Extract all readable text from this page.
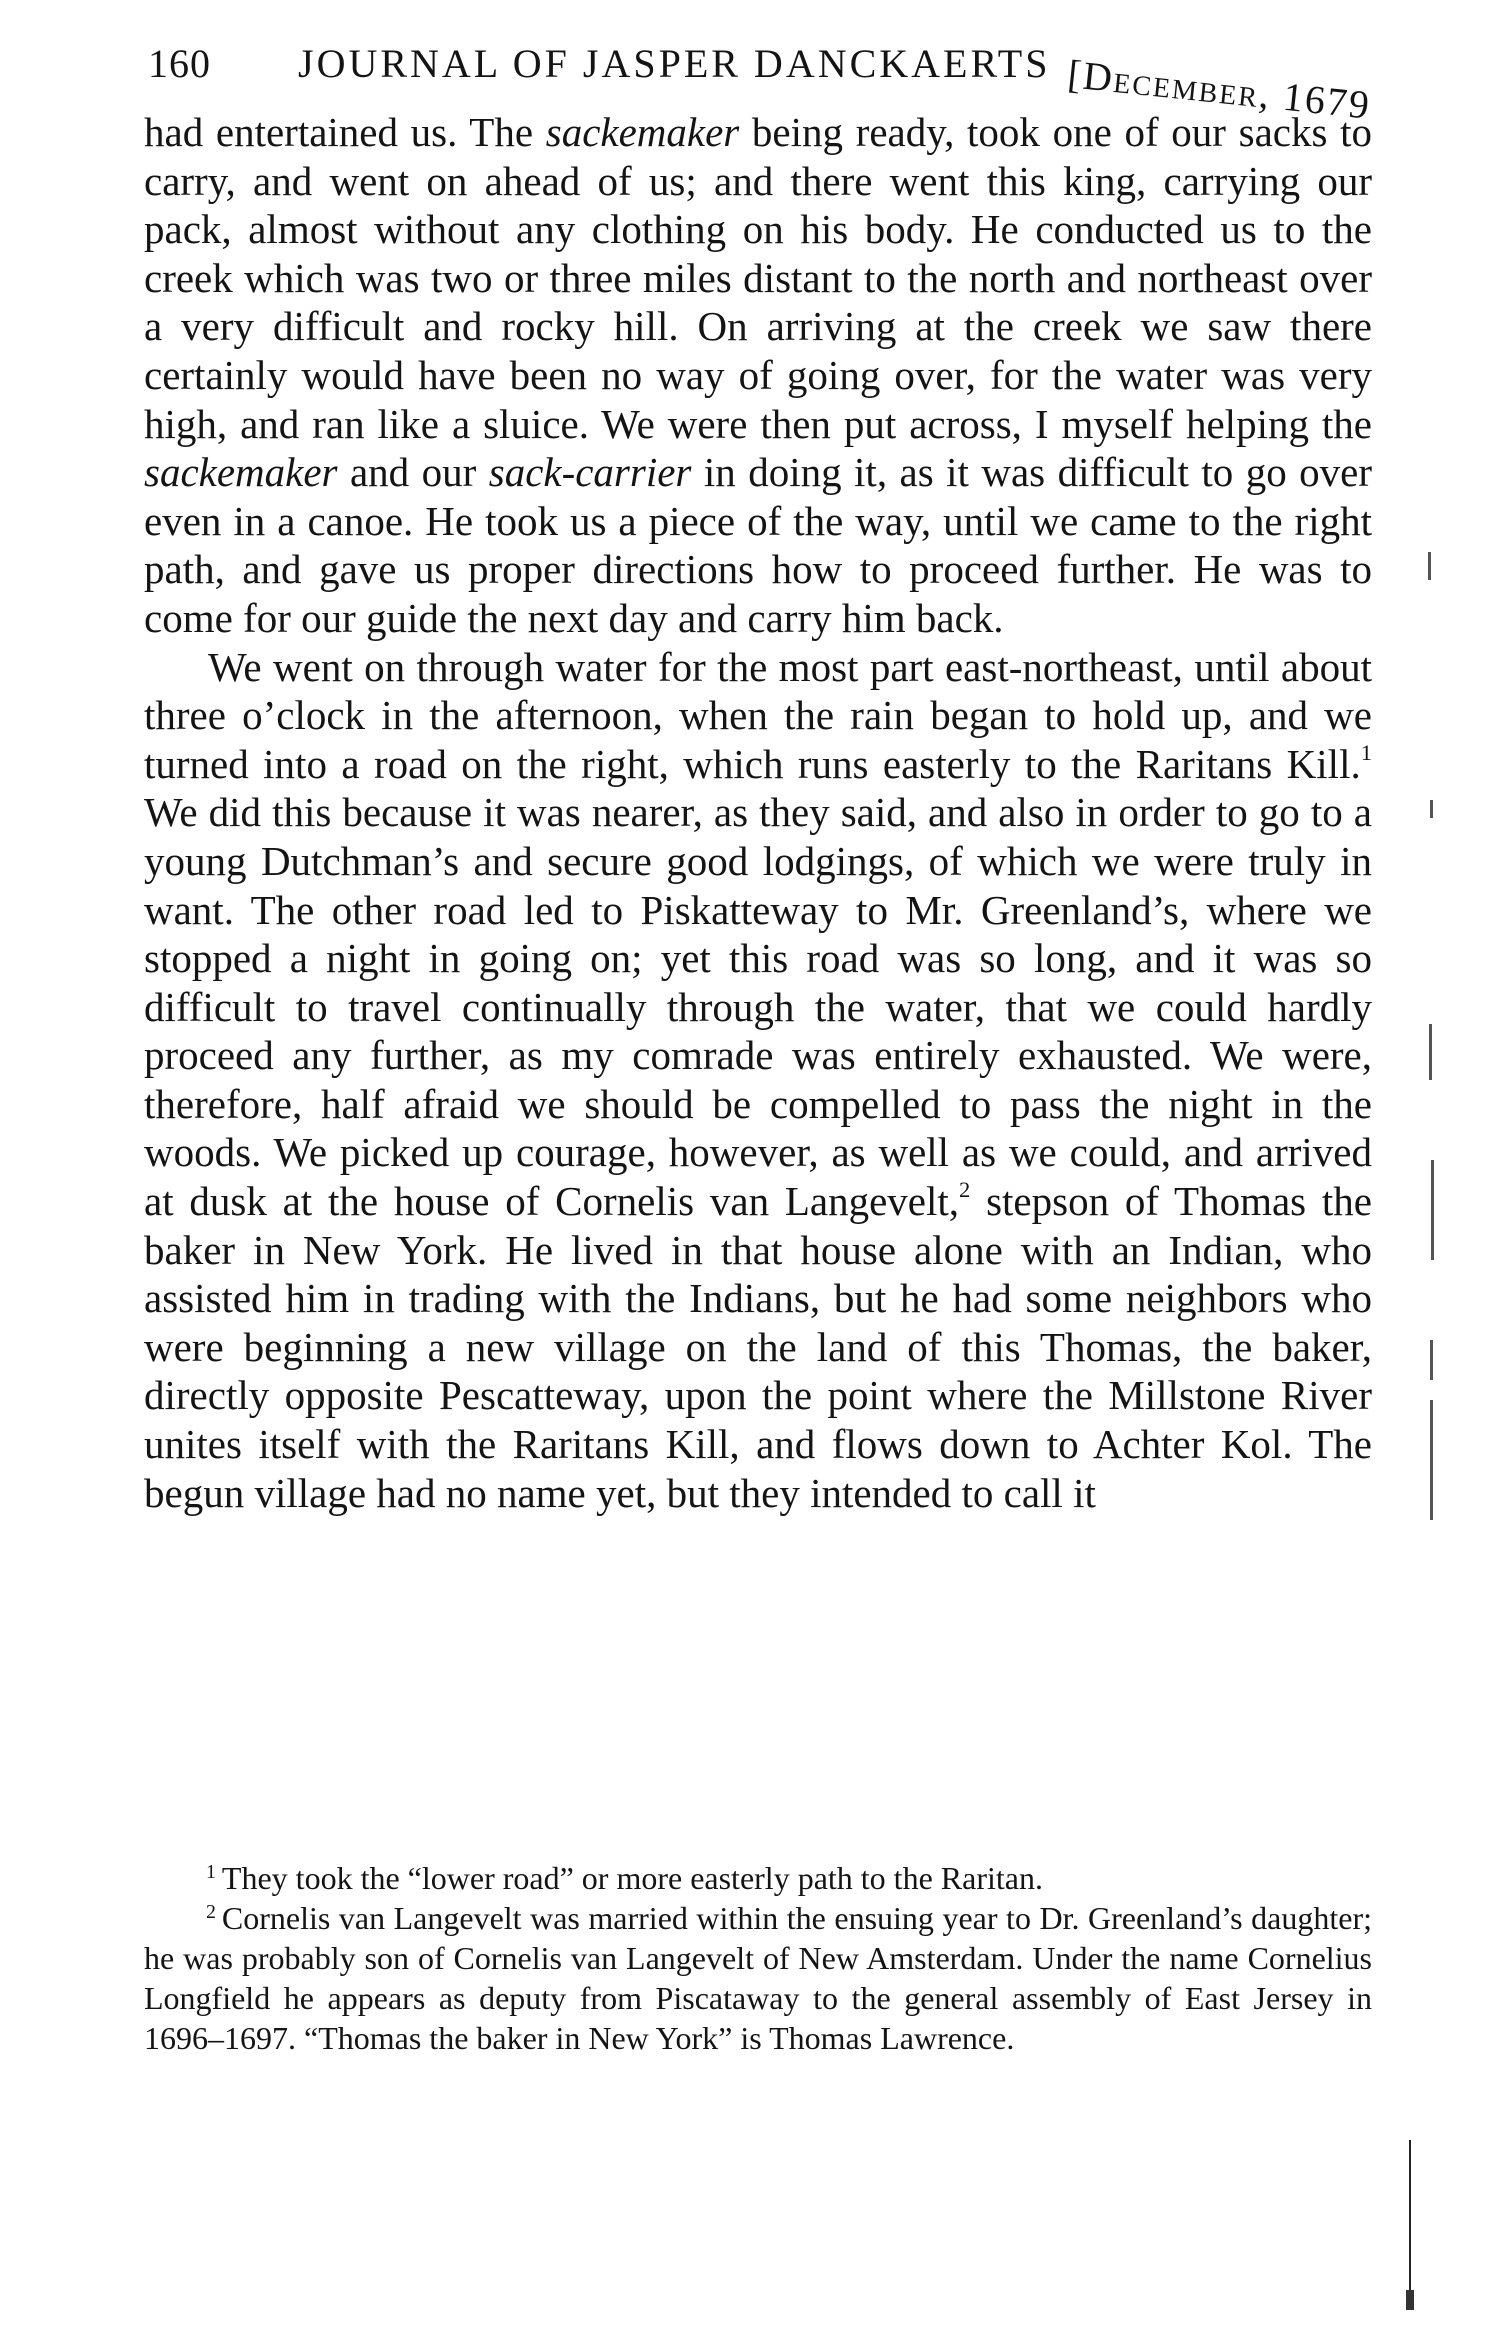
160 JOURNAL OF JASPER DANCKAERTS [December, 1679

had entertained us. The sackemaker being ready, took one of our sacks to carry, and went on ahead of us; and there went this king, carrying our pack, almost without any clothing on his body. He conducted us to the creek which was two or three miles distant to the north and northeast over a very difficult and rocky hill. On arriving at the creek we saw there certainly would have been no way of going over, for the water was very high, and ran like a sluice. We were then put across, I myself helping the sackemaker and our sack-carrier in doing it, as it was difficult to go over even in a canoe. He took us a piece of the way, until we came to the right path, and gave us proper directions how to proceed further. He was to come for our guide the next day and carry him back.

We went on through water for the most part east-northeast, until about three o’clock in the afternoon, when the rain began to hold up, and we turned into a road on the right, which runs easterly to the Raritans Kill.$^1$ We did this because it was nearer, as they said, and also in order to go to a young Dutchman’s and secure good lodgings, of which we were truly in want. The other road led to Piskatteway to Mr. Greenland’s, where we stopped a night in going on; yet this road was so long, and it was so difficult to travel continually through the water, that we could hardly proceed any further, as my comrade was entirely exhausted. We were, therefore, half afraid we should be compelled to pass the night in the woods. We picked up courage, however, as well as we could, and arrived at dusk at the house of Cornelis van Langevelt,$^2$ stepson of Thomas the baker in New York. He lived in that house alone with an Indian, who assisted him in trading with the Indians, but he had some neighbors who were beginning a new village on the land of this Thomas, the baker, directly opposite Pescatteway, upon the point where the Millstone River unites itself with the Raritans Kill, and flows down to Achter Kol. The begun village had no name yet, but they intended to call it

$^1$ They took the “lower road” or more easterly path to the Raritan.

$^2$ Cornelis van Langevelt was married within the ensuing year to Dr. Greenland’s daughter; he was probably son of Cornelis van Langevelt of New Amsterdam. Under the name Cornelius Longfield he appears as deputy from Piscataway to the general assembly of East Jersey in 1696–1697. “Thomas the baker in New York” is Thomas Lawrence.
